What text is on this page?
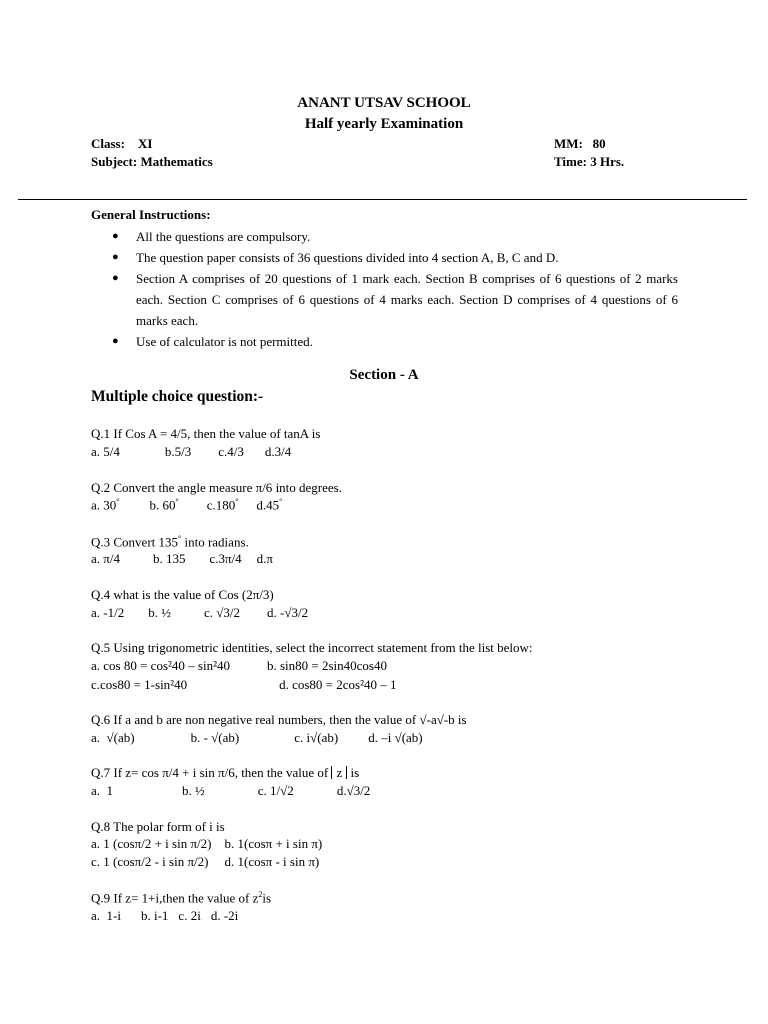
ANANT UTSAV SCHOOL
Half yearly Examination
Class:    XI
Subject: Mathematics
MM:   80
Time: 3 Hrs.
General Instructions:
● All the questions are compulsory.
● The question paper consists of 36 questions divided into 4 section A, B, C and D.
● Section A comprises of 20 questions of 1 mark each. Section B comprises of 6 questions of 2 marks each. Section C comprises of 6 questions of 4 marks each. Section D comprises of 4 questions of 6 marks each.
● Use of calculator is not permitted.
Section - A
Multiple choice question:-
Q.1 If Cos A = 4/5, then the value of tanA is
a. 5/4	b.5/3 c.4/3 d.3/4
Q.2 Convert the angle measure π/6 into degrees.
a. 30° b. 60° c.180° d.45°
Q.3 Convert 135° into radians.
a. π/4	b. 135 c.3π/4 d.π
Q.4 what is the value of Cos (2π/3)
a. -1/2 b. ½	c. √3/2 d. -√3/2
Q.5 Using trigonometric identities, select the incorrect statement from the list below:
a. cos 80 = cos²40 – sin²40	b. sin80 = 2sin40cos40
c.cos80 = 1-sin²40	d. cos80 = 2cos²40 – 1
Q.6 If a and b are non negative real numbers, then the value of √-a√-b is
a.  √(ab)	b. - √(ab)	c. i√(ab) d. –i √(ab)
Q.7 If z= cos π/4 + i sin π/6, then the value of z is
a.  1	b. ½	c. 1/√2	d.√3/2
Q.8 The polar form of i is
a. 1 (cosπ/2 + i sin π/2) b. 1(cosπ + i sin π)
c. 1 (cosπ/2 - i sin π/2) d. 1(cosπ - i sin π)
Q.9 If z= 1+i,then the value of $z^2is$
a.  1-i b. i-1 c. 2i d. -2i
